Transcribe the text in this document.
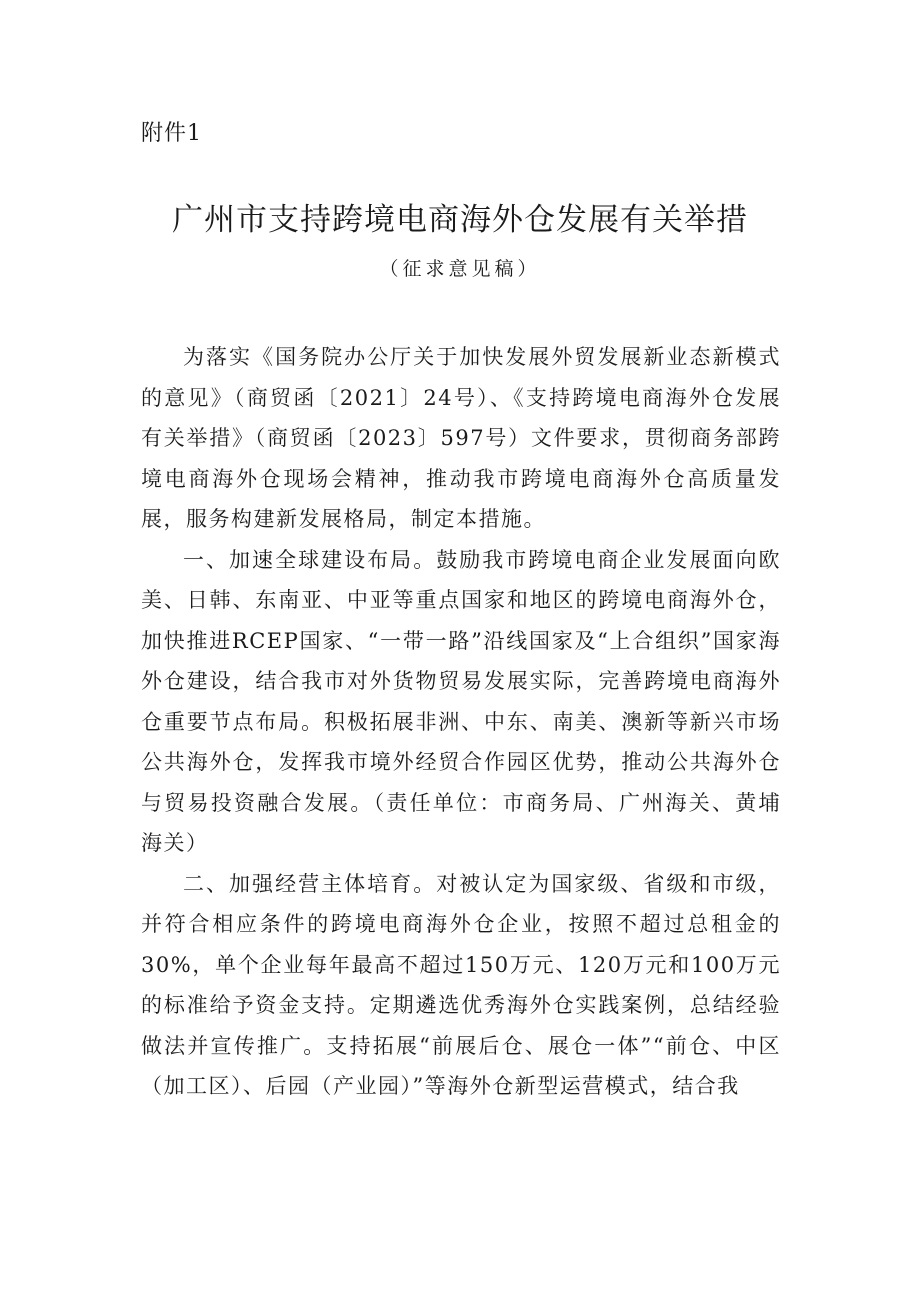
附件1
广州市支持跨境电商海外仓发展有关举措
（征求意见稿）

为落实《国务院办公厅关于加快发展外贸发展新业态新模式的意见》（商贸函〔2021〕24号）、《支持跨境电商海外仓发展有关举措》（商贸函〔2023〕597号）文件要求，贯彻商务部跨境电商海外仓现场会精神，推动我市跨境电商海外仓高质量发展，服务构建新发展格局，制定本措施。

一、加速全球建设布局。鼓励我市跨境电商企业发展面向欧美、日韩、东南亚、中亚等重点国家和地区的跨境电商海外仓，加快推进RCEP国家、“一带一路”沿线国家及“上合组织”国家海外仓建设，结合我市对外货物贸易发展实际，完善跨境电商海外仓重要节点布局。积极拓展非洲、中东、南美、澳新等新兴市场公共海外仓，发挥我市境外经贸合作园区优势，推动公共海外仓与贸易投资融合发展。（责任单位：市商务局、广州海关、黄埔海关）

二、加强经营主体培育。对被认定为国家级、省级和市级，并符合相应条件的跨境电商海外仓企业，按照不超过总租金的30%，单个企业每年最高不超过150万元、120万元和100万元的标准给予资金支持。定期遴选优秀海外仓实践案例，总结经验做法并宣传推广。支持拓展“前展后仓、展仓一体”“前仓、中区（加工区）、后园（产业园）”等海外仓新型运营模式，结合我
